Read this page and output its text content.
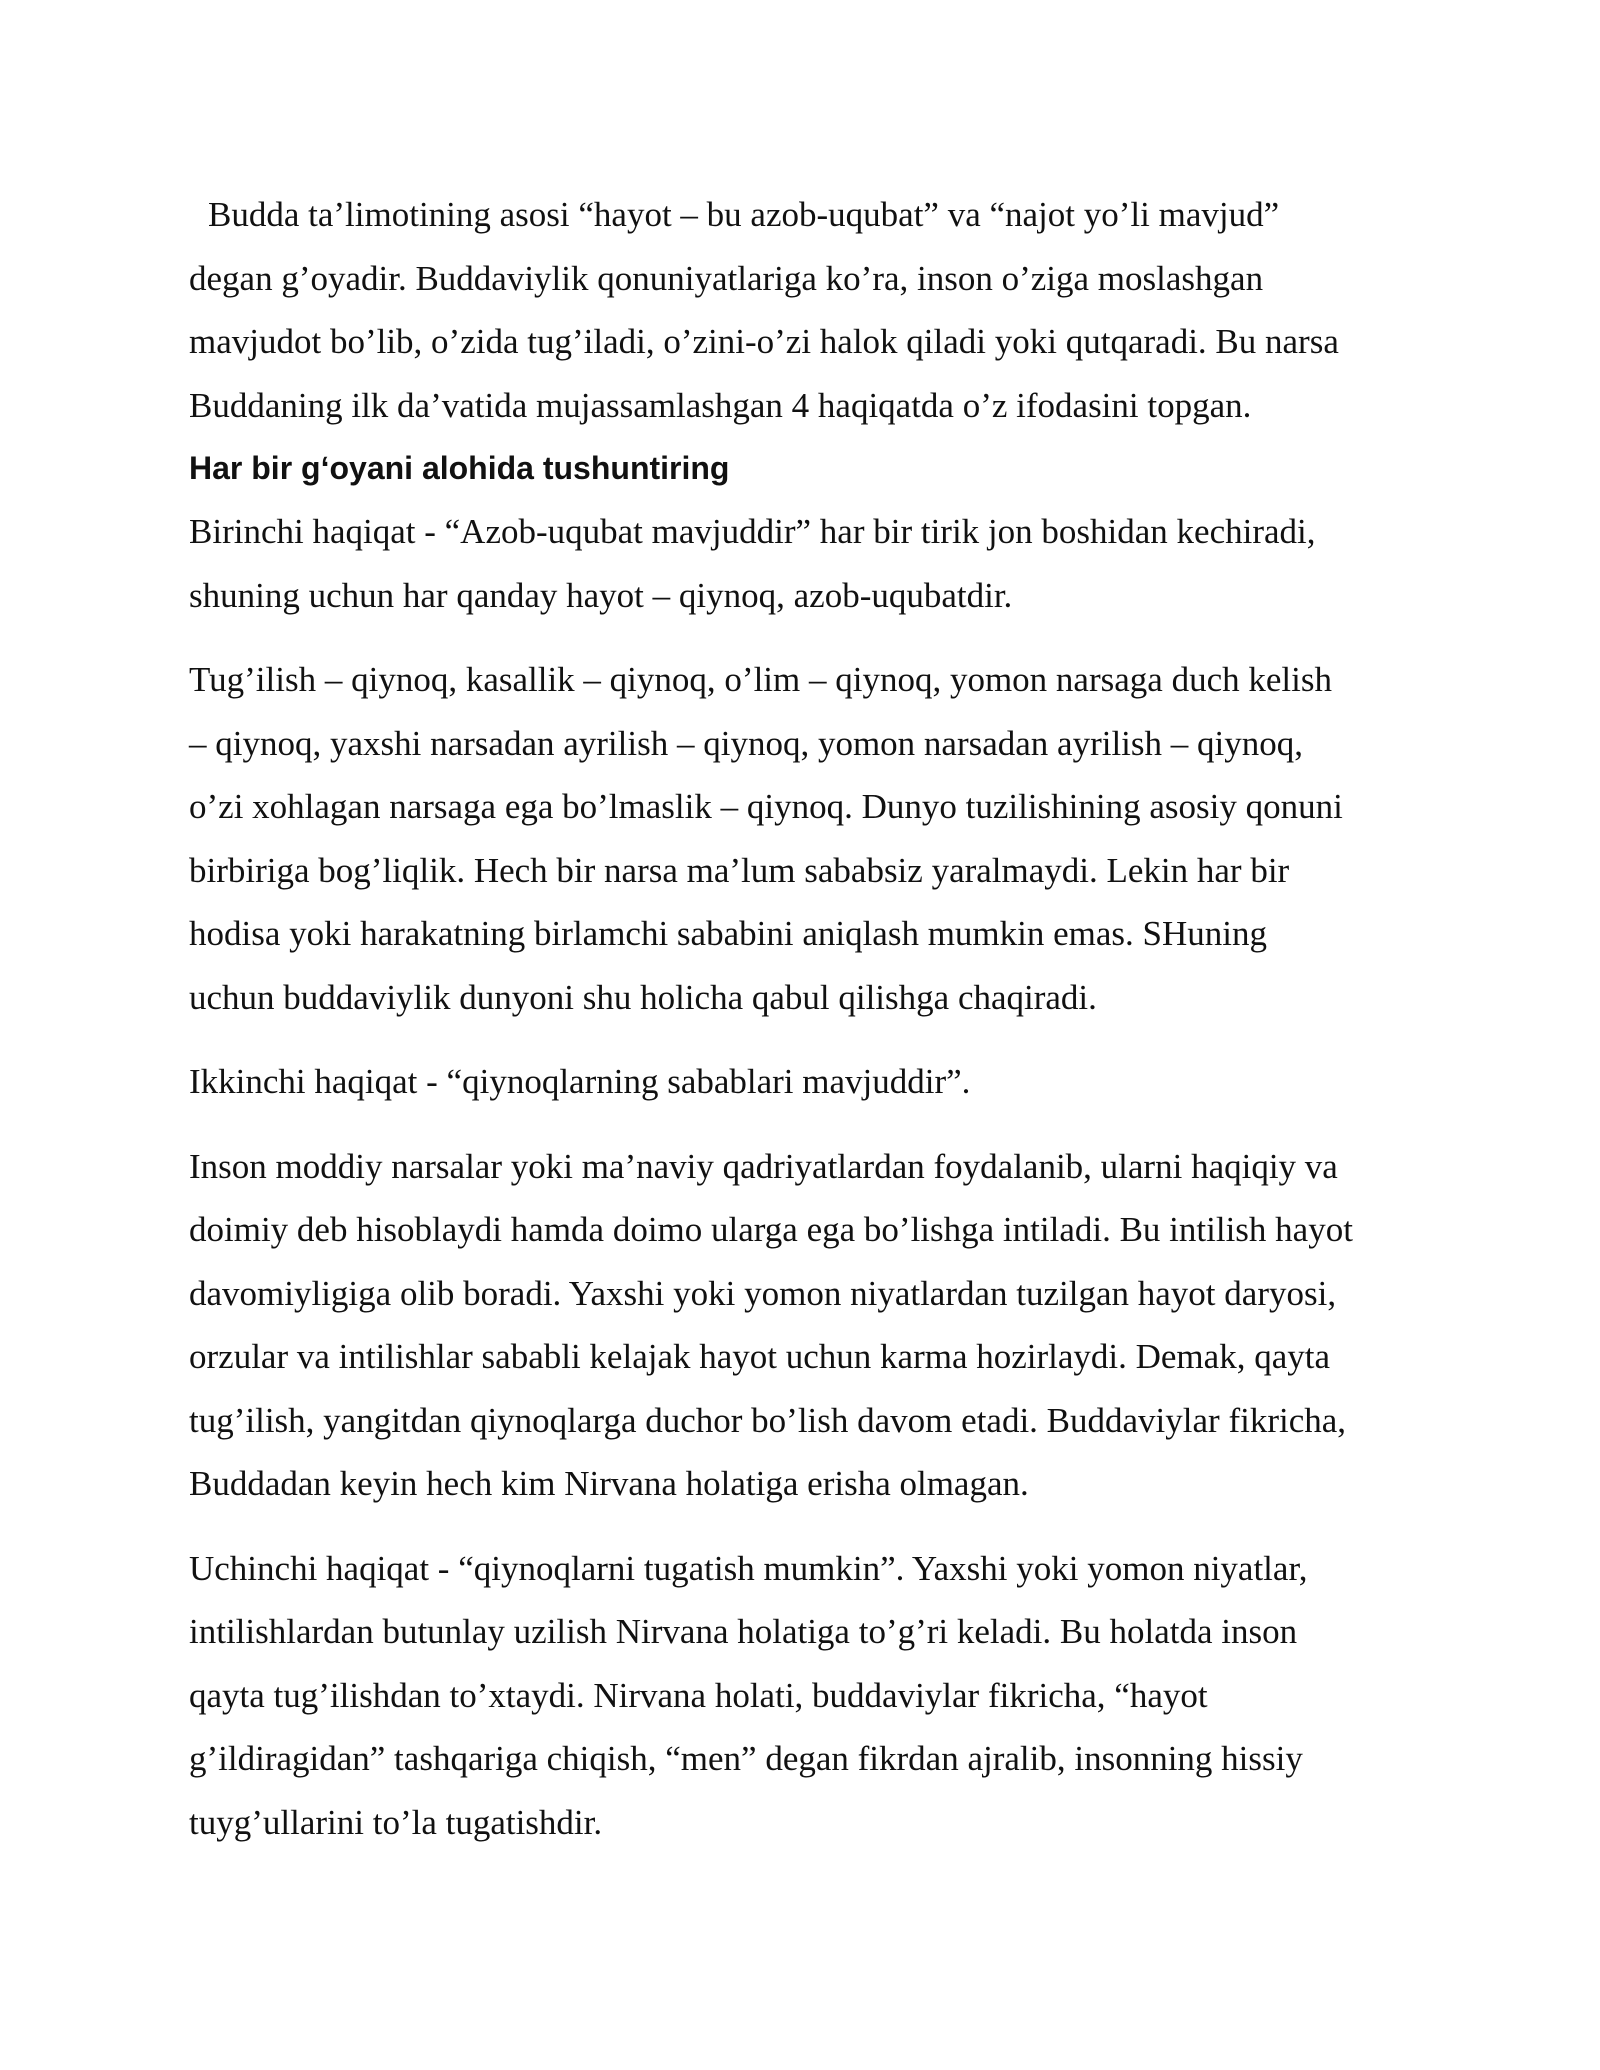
Budda ta’limotining asosi “hayot – bu azob-uqubat” va “najot yo’li mavjud”
degan g’oyadir. Buddaviylik qonuniyatlariga ko’ra, inson o’ziga moslashgan
mavjudot bo’lib, o’zida tug’iladi, o’zini-o’zi halok qiladi yoki qutqaradi. Bu narsa
Buddaning ilk da’vatida mujassamlashgan 4 haqiqatda o’z ifodasini topgan.

Har bir gʻoyani alohida tushuntiring

Birinchi haqiqat - “Azob-uqubat mavjuddir” har bir tirik jon boshidan kechiradi,
shuning uchun har qanday hayot – qiynoq, azob-uqubatdir.

Tug’ilish – qiynoq, kasallik – qiynoq, o’lim – qiynoq, yomon narsaga duch kelish
– qiynoq, yaxshi narsadan ayrilish – qiynoq, yomon narsadan ayrilish – qiynoq,
o’zi xohlagan narsaga ega bo’lmaslik – qiynoq. Dunyo tuzilishining asosiy qonuni
birbiriga bog’liqlik. Hech bir narsa ma’lum sababsiz yaralmaydi. Lekin har bir
hodisa yoki harakatning birlamchi sababini aniqlash mumkin emas. SHuning
uchun buddaviylik dunyoni shu holicha qabul qilishga chaqiradi.

Ikkinchi haqiqat - “qiynoqlarning sabablari mavjuddir”.

Inson moddiy narsalar yoki ma’naviy qadriyatlardan foydalanib, ularni haqiqiy va
doimiy deb hisoblaydi hamda doimo ularga ega bo’lishga intiladi. Bu intilish hayot
davomiyligiga olib boradi. Yaxshi yoki yomon niyatlardan tuzilgan hayot daryosi,
orzular va intilishlar sababli kelajak hayot uchun karma hozirlaydi. Demak, qayta
tug’ilish, yangitdan qiynoqlarga duchor bo’lish davom etadi. Buddaviylar fikricha,
Buddadan keyin hech kim Nirvana holatiga erisha olmagan.

Uchinchi haqiqat - “qiynoqlarni tugatish mumkin”. Yaxshi yoki yomon niyatlar,
intilishlardan butunlay uzilish Nirvana holatiga to’g’ri keladi. Bu holatda inson
qayta tug’ilishdan to’xtaydi. Nirvana holati, buddaviylar fikricha, “hayot
g’ildiragidan” tashqariga chiqish, “men” degan fikrdan ajralib, insonning hissiy
tuyg’ullarini to’la tugatishdir.
